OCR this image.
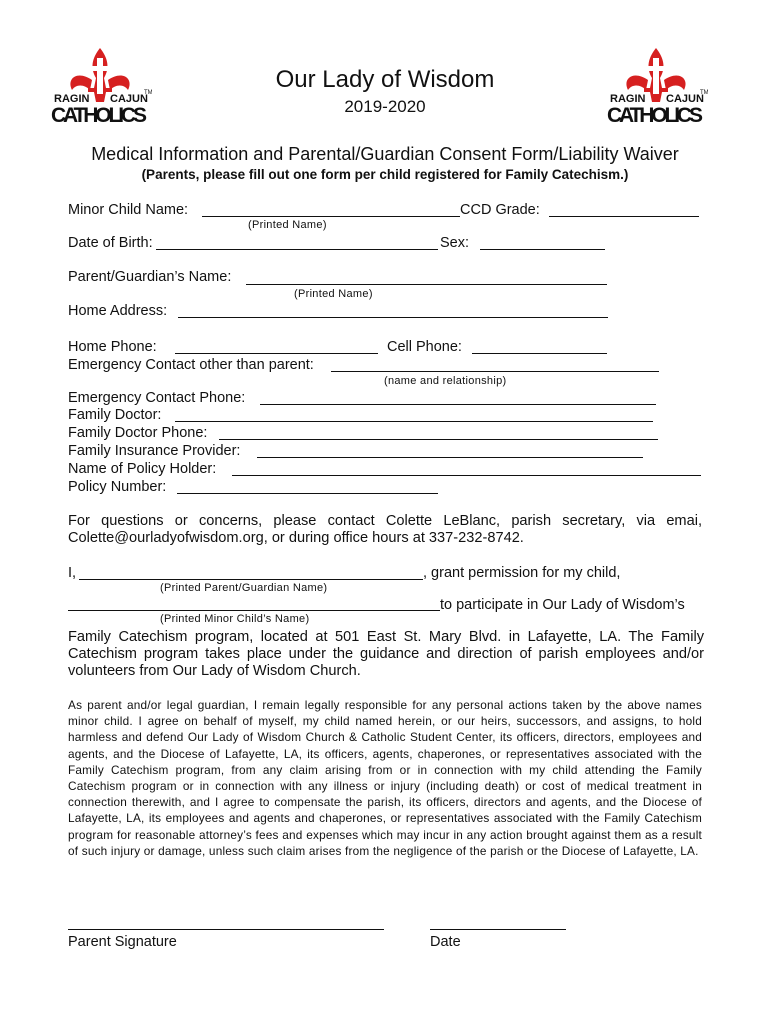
RAGIN CAJUN
TM
CATHOLICS
RAGIN CAJUN
TM
CATHOLICS
Our Lady of Wisdom
2019-2020
Medical Information and Parental/Guardian Consent Form/Liability Waiver
(Parents, please fill out one form per child registered for Family Catechism.)
Minor Child Name:	CCD Grade:
(Printed Name)
Date of Birth:	Sex:
Parent/Guardian’s Name:
(Printed Name)
Home Address:
Home Phone:	Cell Phone:
Emergency Contact other than parent:
(name and relationship)
Emergency Contact Phone:
Family Doctor:
Family Doctor Phone:
Family Insurance Provider:
Name of Policy Holder:
Policy Number:
For questions or concerns, please contact Colette LeBlanc, parish secretary, via emai, Colette@ourladyofwisdom.org, or during office hours at 337-232-8742.
I,	, grant permission for my child,
(Printed Parent/Guardian Name)
to participate in Our Lady of Wisdom’s
(Printed Minor Child’s Name)
Family Catechism program, located at 501 East St. Mary Blvd. in Lafayette, LA. The Family Catechism program takes place under the guidance and direction of parish employees and/or volunteers from Our Lady of Wisdom Church.
As parent and/or legal guardian, I remain legally responsible for any personal actions taken by the above names minor child. I agree on behalf of myself, my child named herein, or our heirs, successors, and assigns, to hold harmless and defend Our Lady of Wisdom Church & Catholic Student Center, its officers, directors, employees and agents, and the Diocese of Lafayette, LA, its officers, agents, chaperones, or representatives associated with the Family Catechism program, from any claim arising from or in connection with my child attending the Family Catechism program or in connection with any illness or injury (including death) or cost of medical treatment in connection therewith, and I agree to compensate the parish, its officers, directors and agents, and the Diocese of Lafayette, LA, its employees and agents and chaperones, or representatives associated with the Family Catechism program for reasonable attorney’s fees and expenses which may incur in any action brought against them as a result of such injury or damage, unless such claim arises from the negligence of the parish or the Diocese of Lafayette, LA.
Parent Signature	Date
